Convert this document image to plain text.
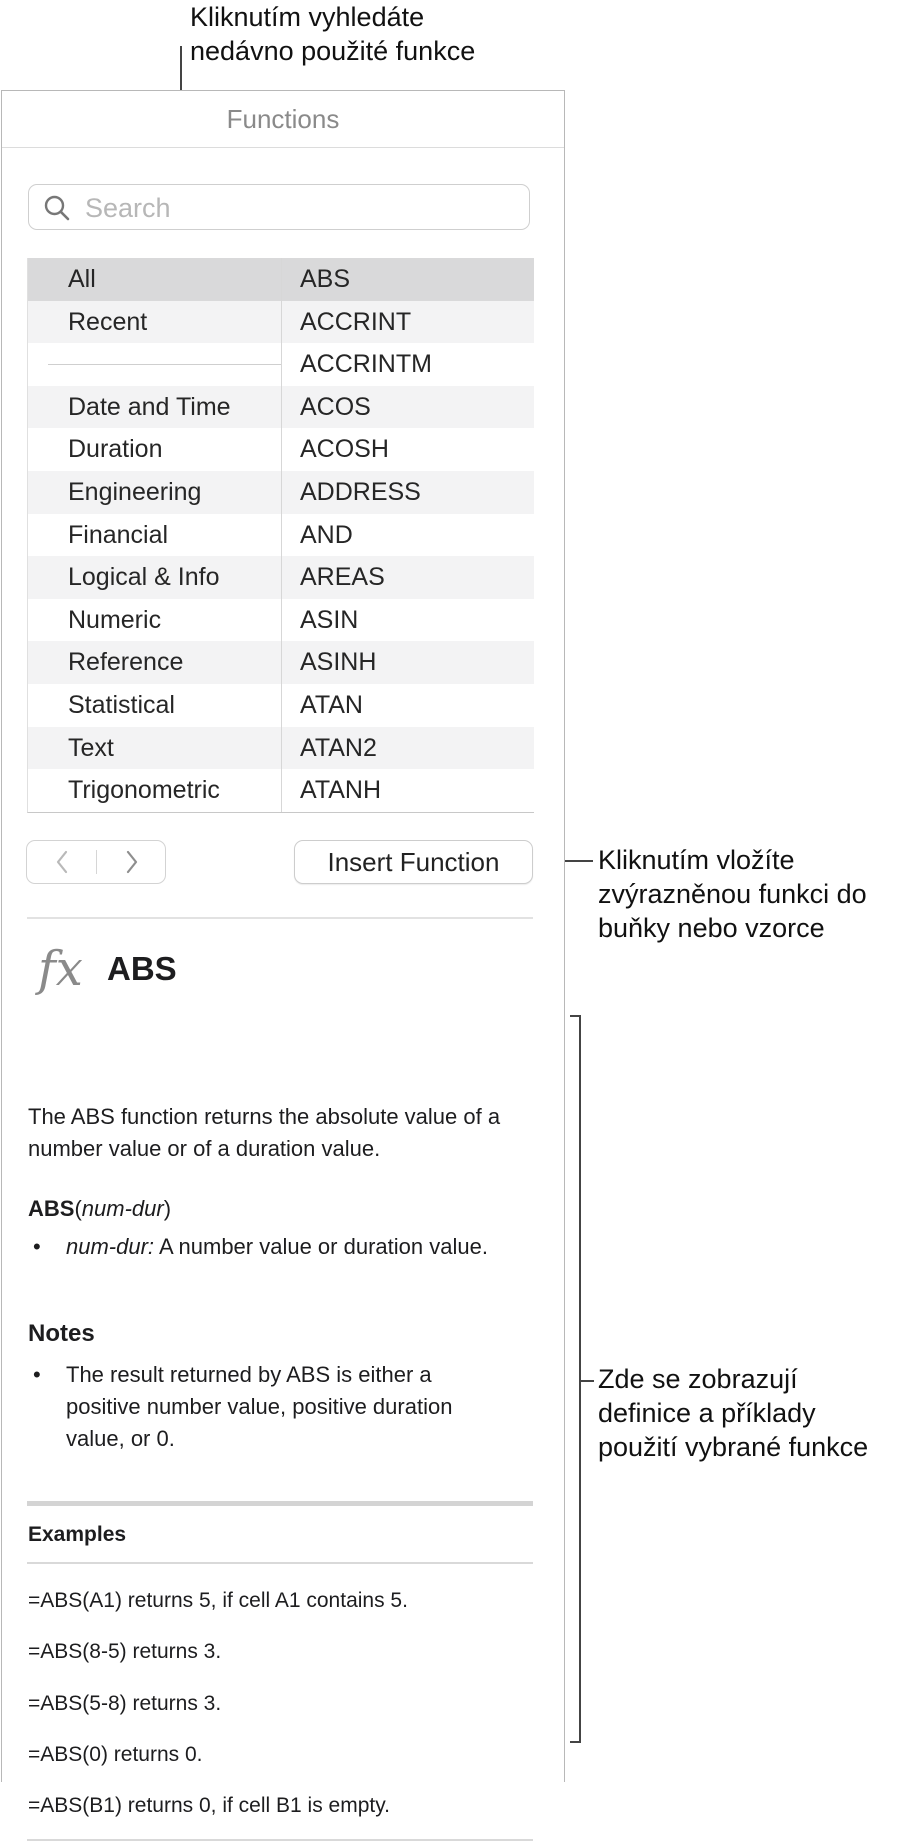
Kliknutím vyhledáte
nedávno použité funkce
Kliknutím vložíte
zvýrazněnou funkci do
buňky nebo vzorce
Zde se zobrazují
definice a příklady
použití vybrané funkce
Functions
Search
All
Recent
Date and Time
Duration
Engineering
Financial
Logical & Info
Numeric
Reference
Statistical
Text
Trigonometric
ABS
ACCRINT
ACCRINTM
ACOS
ACOSH
ADDRESS
AND
AREAS
ASIN
ASINH
ATAN
ATAN2
ATANH
Insert Function
fx ABS
The ABS function returns the absolute value of a number value or of a duration value.
ABS(num-dur)
• num-dur: A number value or duration value.
Notes
• The result returned by ABS is either a positive number value, positive duration value, or 0.
Examples
=ABS(A1) returns 5, if cell A1 contains 5.
=ABS(8-5) returns 3.
=ABS(5-8) returns 3.
=ABS(0) returns 0.
=ABS(B1) returns 0, if cell B1 is empty.
